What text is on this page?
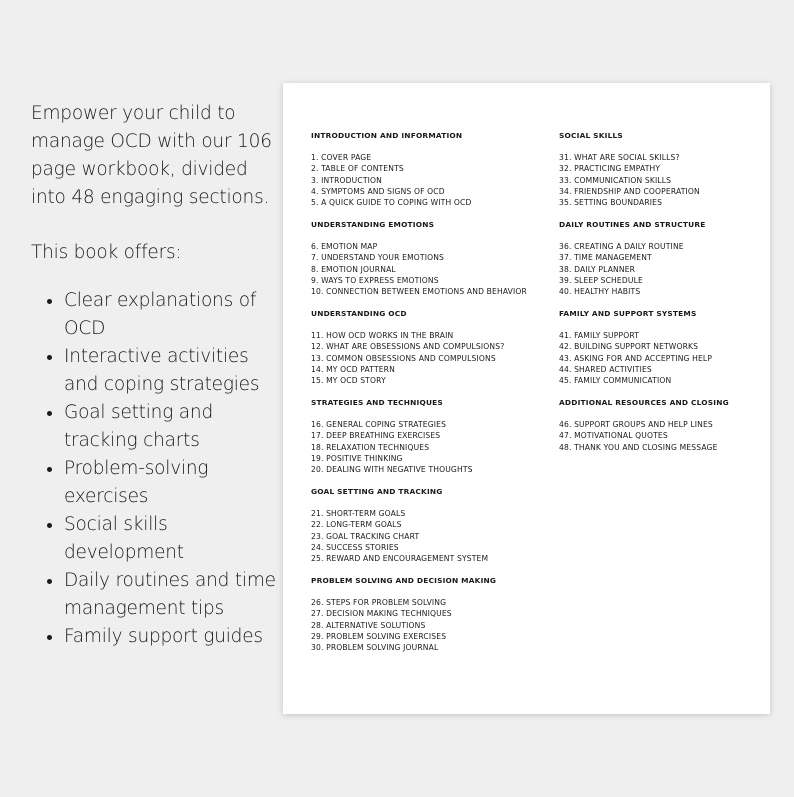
Empower your child to manage OCD with our 106 page workbook, divided into 48 engaging sections.

This book offers:

Clear explanations of OCD
Interactive activities and coping strategies
Goal setting and tracking charts
Problem-solving exercises
Social skills development
Daily routines and time management tips
Family support guides

INTRODUCTION AND INFORMATION

1. COVER PAGE
2. TABLE OF CONTENTS
3. INTRODUCTION
4. SYMPTOMS AND SIGNS OF OCD
5. A QUICK GUIDE TO COPING WITH OCD

UNDERSTANDING EMOTIONS

6. EMOTION MAP
7. UNDERSTAND YOUR EMOTIONS
8. EMOTION JOURNAL
9. WAYS TO EXPRESS EMOTIONS
10. CONNECTION BETWEEN EMOTIONS AND BEHAVIOR

UNDERSTANDING OCD

11. HOW OCD WORKS IN THE BRAIN
12. WHAT ARE OBSESSIONS AND COMPULSIONS?
13. COMMON OBSESSIONS AND COMPULSIONS
14. MY OCD PATTERN
15. MY OCD STORY

STRATEGIES AND TECHNIQUES

16. GENERAL COPING STRATEGIES
17. DEEP BREATHING EXERCISES
18. RELAXATION TECHNIQUES
19. POSITIVE THINKING
20. DEALING WITH NEGATIVE THOUGHTS

GOAL SETTING AND TRACKING

21. SHORT-TERM GOALS
22. LONG-TERM GOALS
23. GOAL TRACKING CHART
24. SUCCESS STORIES
25. REWARD AND ENCOURAGEMENT SYSTEM

PROBLEM SOLVING AND DECISION MAKING

26. STEPS FOR PROBLEM SOLVING
27. DECISION MAKING TECHNIQUES
28. ALTERNATIVE SOLUTIONS
29. PROBLEM SOLVING EXERCISES
30. PROBLEM SOLVING JOURNAL

SOCIAL SKILLS

31. WHAT ARE SOCIAL SKILLS?
32. PRACTICING EMPATHY
33. COMMUNICATION SKILLS
34. FRIENDSHIP AND COOPERATION
35. SETTING BOUNDARIES

DAILY ROUTINES AND STRUCTURE

36. CREATING A DAILY ROUTINE
37. TIME MANAGEMENT
38. DAILY PLANNER
39. SLEEP SCHEDULE
40. HEALTHY HABITS

FAMILY AND SUPPORT SYSTEMS

41. FAMILY SUPPORT
42. BUILDING SUPPORT NETWORKS
43. ASKING FOR AND ACCEPTING HELP
44. SHARED ACTIVITIES
45. FAMILY COMMUNICATION

ADDITIONAL RESOURCES AND CLOSING

46. SUPPORT GROUPS AND HELP LINES
47. MOTIVATIONAL QUOTES
48. THANK YOU AND CLOSING MESSAGE
